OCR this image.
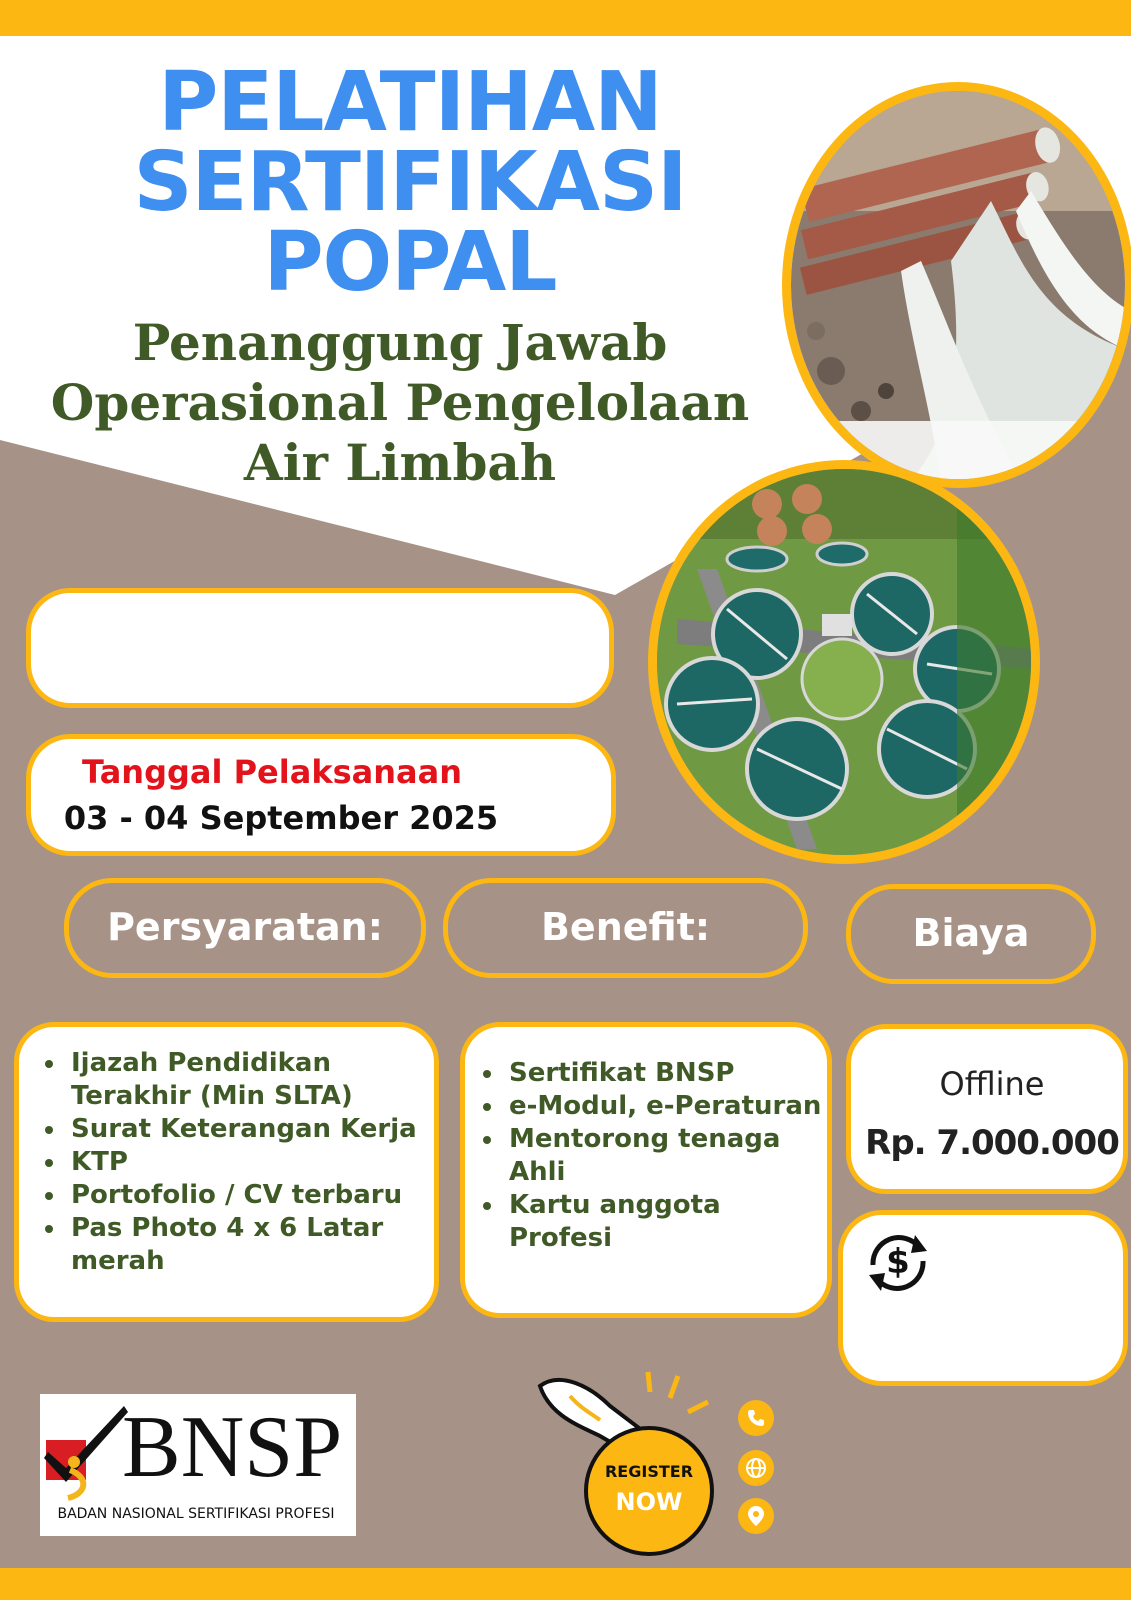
PELATIHAN
SERTIFIKASI
POPAL
Penanggung Jawab
Operasional Pengelolaan
Air Limbah
Tanggal Pelaksanaan
03 - 04 September 2025
Persyaratan:	Benefit:	Biaya
• Ijazah Pendidikan Terakhir (Min SLTA)
• Surat Keterangan Kerja
• KTP
• Portofolio / CV terbaru
• Pas Photo 4 x 6 Latar merah
• Sertifikat BNSP
• e-Modul, e-Peraturan
• Mentorong tenaga Ahli
• Kartu anggota Profesi
Offline
Rp. 7.000.000
$
BNSP
BADAN NASIONAL SERTIFIKASI PROFESI
REGISTER
NOW
